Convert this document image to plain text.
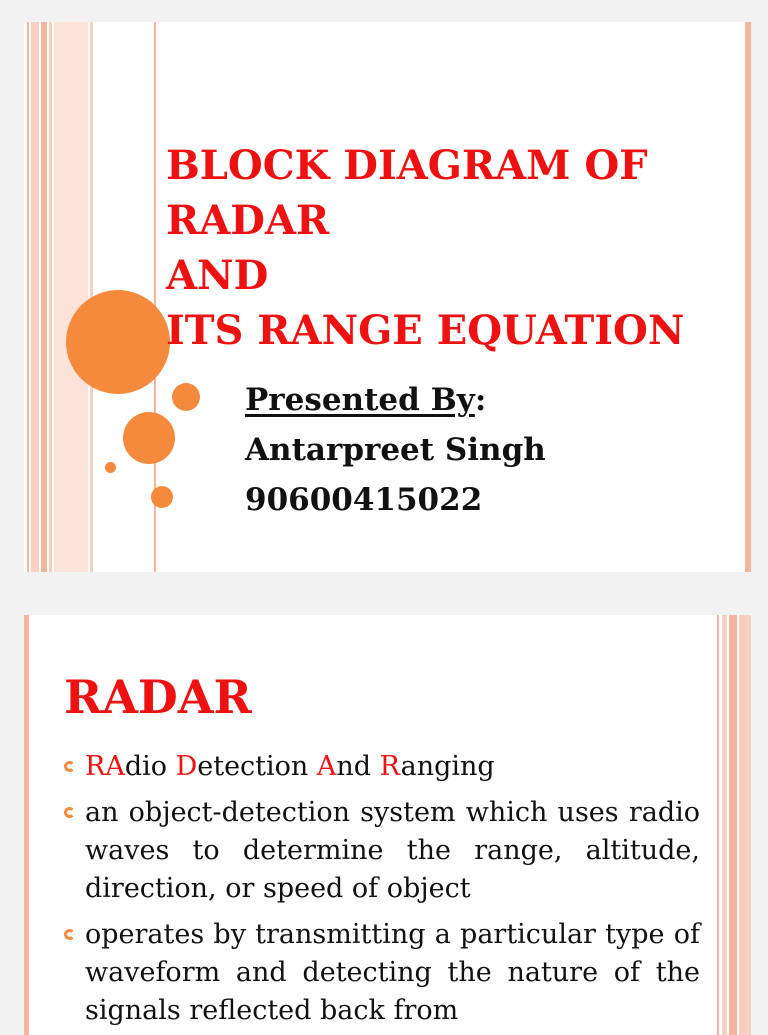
BLOCK DIAGRAM OF
RADAR
AND
ITS RANGE EQUATION
Presented By:
Antarpreet Singh
90600415022
RADAR
RAdio Detection And Ranging
an object-detection system which uses radio waves to determine the range, altitude, direction, or speed of object
operates by transmitting a particular type of waveform and detecting the nature of the signals reflected back from
